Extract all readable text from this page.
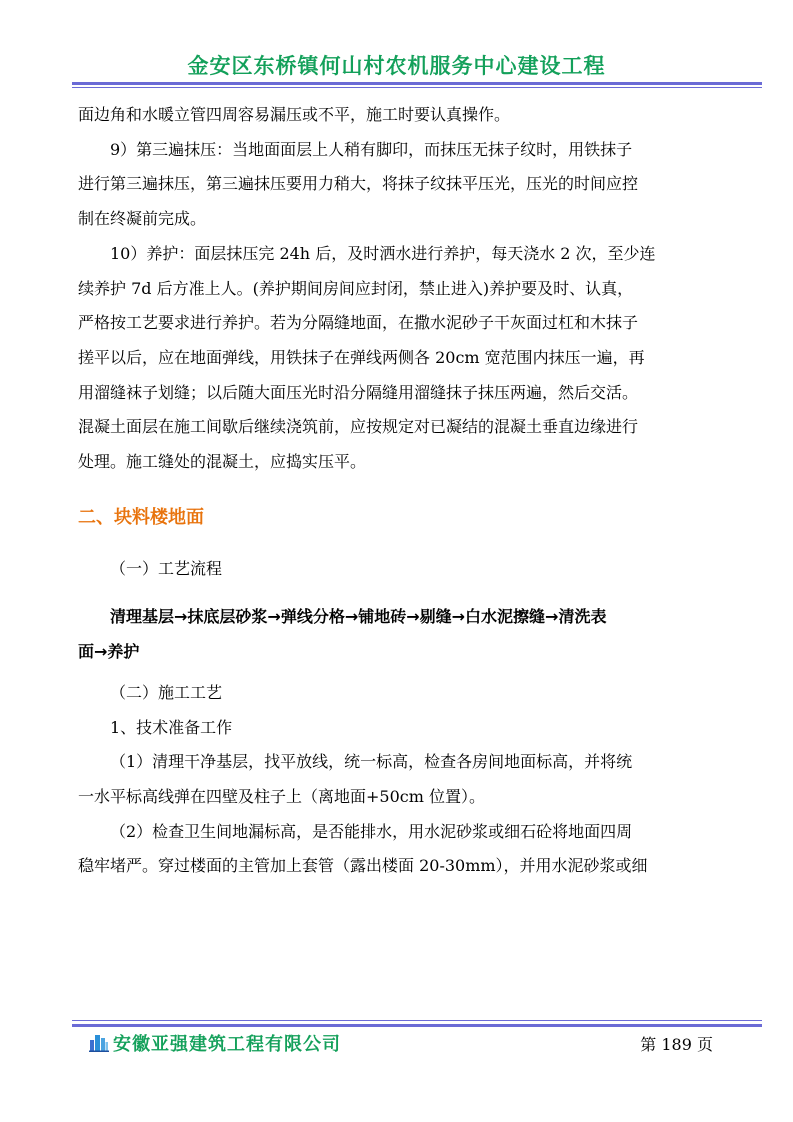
金安区东桥镇何山村农机服务中心建设工程

面边角和水暖立管四周容易漏压或不平，施工时要认真操作。

9）第三遍抹压：当地面面层上人稍有脚印，而抹压无抹子纹时，用铁抹子

进行第三遍抹压，第三遍抹压要用力稍大，将抹子纹抹平压光，压光的时间应控

制在终凝前完成。

10）养护：面层抹压完 24h 后，及时洒水进行养护，每天浇水 2 次，至少连

续养护 7d 后方准上人。(养护期间房间应封闭，禁止进入)养护要及时、认真，

严格按工艺要求进行养护。若为分隔缝地面，在撒水泥砂子干灰面过杠和木抹子

搓平以后，应在地面弹线，用铁抹子在弹线两侧各 20cm 宽范围内抹压一遍，再

用溜缝袜子划缝；以后随大面压光时沿分隔缝用溜缝抹子抹压两遍，然后交活。

混凝土面层在施工间歇后继续浇筑前，应按规定对已凝结的混凝土垂直边缘进行

处理。施工缝处的混凝土，应捣实压平。

二、块料楼地面

（一）工艺流程

清理基层→抹底层砂浆→弹线分格→铺地砖→剔缝→白水泥擦缝→清洗表

面→养护

（二）施工工艺

1、技术准备工作

（1）清理干净基层，找平放线，统一标高，检查各房间地面标高，并将统

一水平标高线弹在四壁及柱子上（离地面+50cm 位置）。

（2）检查卫生间地漏标高，是否能排水，用水泥砂浆或细石砼将地面四周

稳牢堵严。穿过楼面的主管加上套管（露出楼面 20-30mm），并用水泥砂浆或细

安徽亚强建筑工程有限公司	第 189 页
